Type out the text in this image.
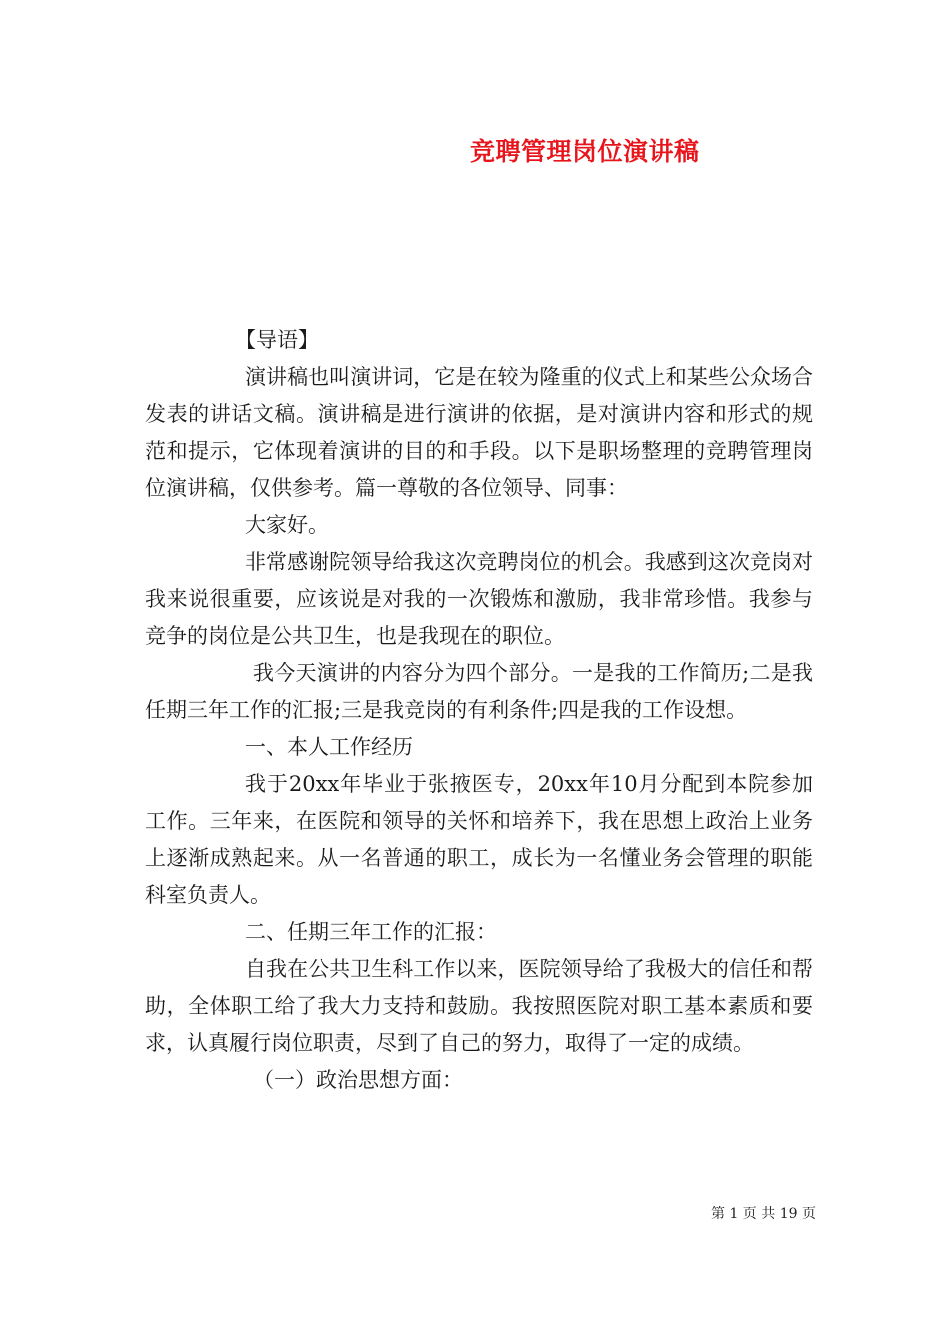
竞聘管理岗位演讲稿

【导语】

演讲稿也叫演讲词，它是在较为隆重的仪式上和某些公众场合发表的讲话文稿。演讲稿是进行演讲的依据，是对演讲内容和形式的规范和提示，它体现着演讲的目的和手段。以下是职场整理的竞聘管理岗位演讲稿，仅供参考。篇一尊敬的各位领导、同事：

大家好。

非常感谢院领导给我这次竞聘岗位的机会。我感到这次竞岗对我来说很重要，应该说是对我的一次锻炼和激励，我非常珍惜。我参与竞争的岗位是公共卫生，也是我现在的职位。

我今天演讲的内容分为四个部分。一是我的工作简历;二是我任期三年工作的汇报;三是我竞岗的有利条件;四是我的工作设想。

一、本人工作经历

我于20xx年毕业于张掖医专，20xx年10月分配到本院参加工作。三年来，在医院和领导的关怀和培养下，我在思想上政治上业务上逐渐成熟起来。从一名普通的职工，成长为一名懂业务会管理的职能科室负责人。

二、任期三年工作的汇报：

自我在公共卫生科工作以来，医院领导给了我极大的信任和帮助，全体职工给了我大力支持和鼓励。我按照医院对职工基本素质和要求，认真履行岗位职责，尽到了自己的努力，取得了一定的成绩。

（一）政治思想方面：

第 1 页 共 19 页
